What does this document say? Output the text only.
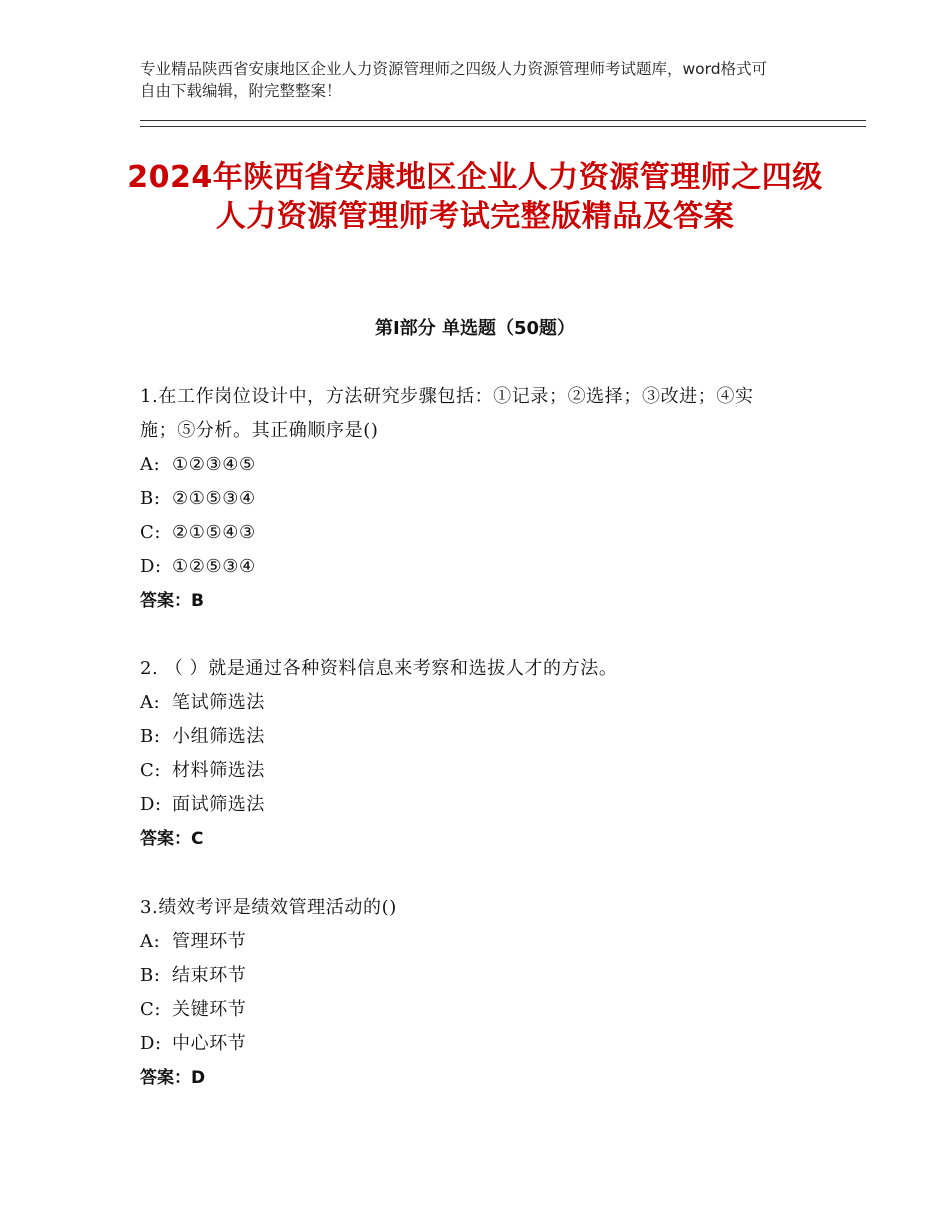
专业精品陕西省安康地区企业人力资源管理师之四级人力资源管理师考试题库，word格式可自由下载编辑，附完整整案！
2024年陕西省安康地区企业人力资源管理师之四级人力资源管理师考试完整版精品及答案
第Ⅰ部分 单选题（50题）
1.在工作岗位设计中，方法研究步骤包括：①记录；②选择；③改进；④实施；⑤分析。其正确顺序是()
A: ①②③④⑤
B: ②①⑤③④
C: ②①⑤④③
D: ①②⑤③④
答案：B
2. （ ）就是通过各种资料信息来考察和选拔人才的方法。
A: 笔试筛选法
B: 小组筛选法
C: 材料筛选法
D: 面试筛选法
答案：C
3.绩效考评是绩效管理活动的()
A: 管理环节
B: 结束环节
C: 关键环节
D: 中心环节
答案：D
